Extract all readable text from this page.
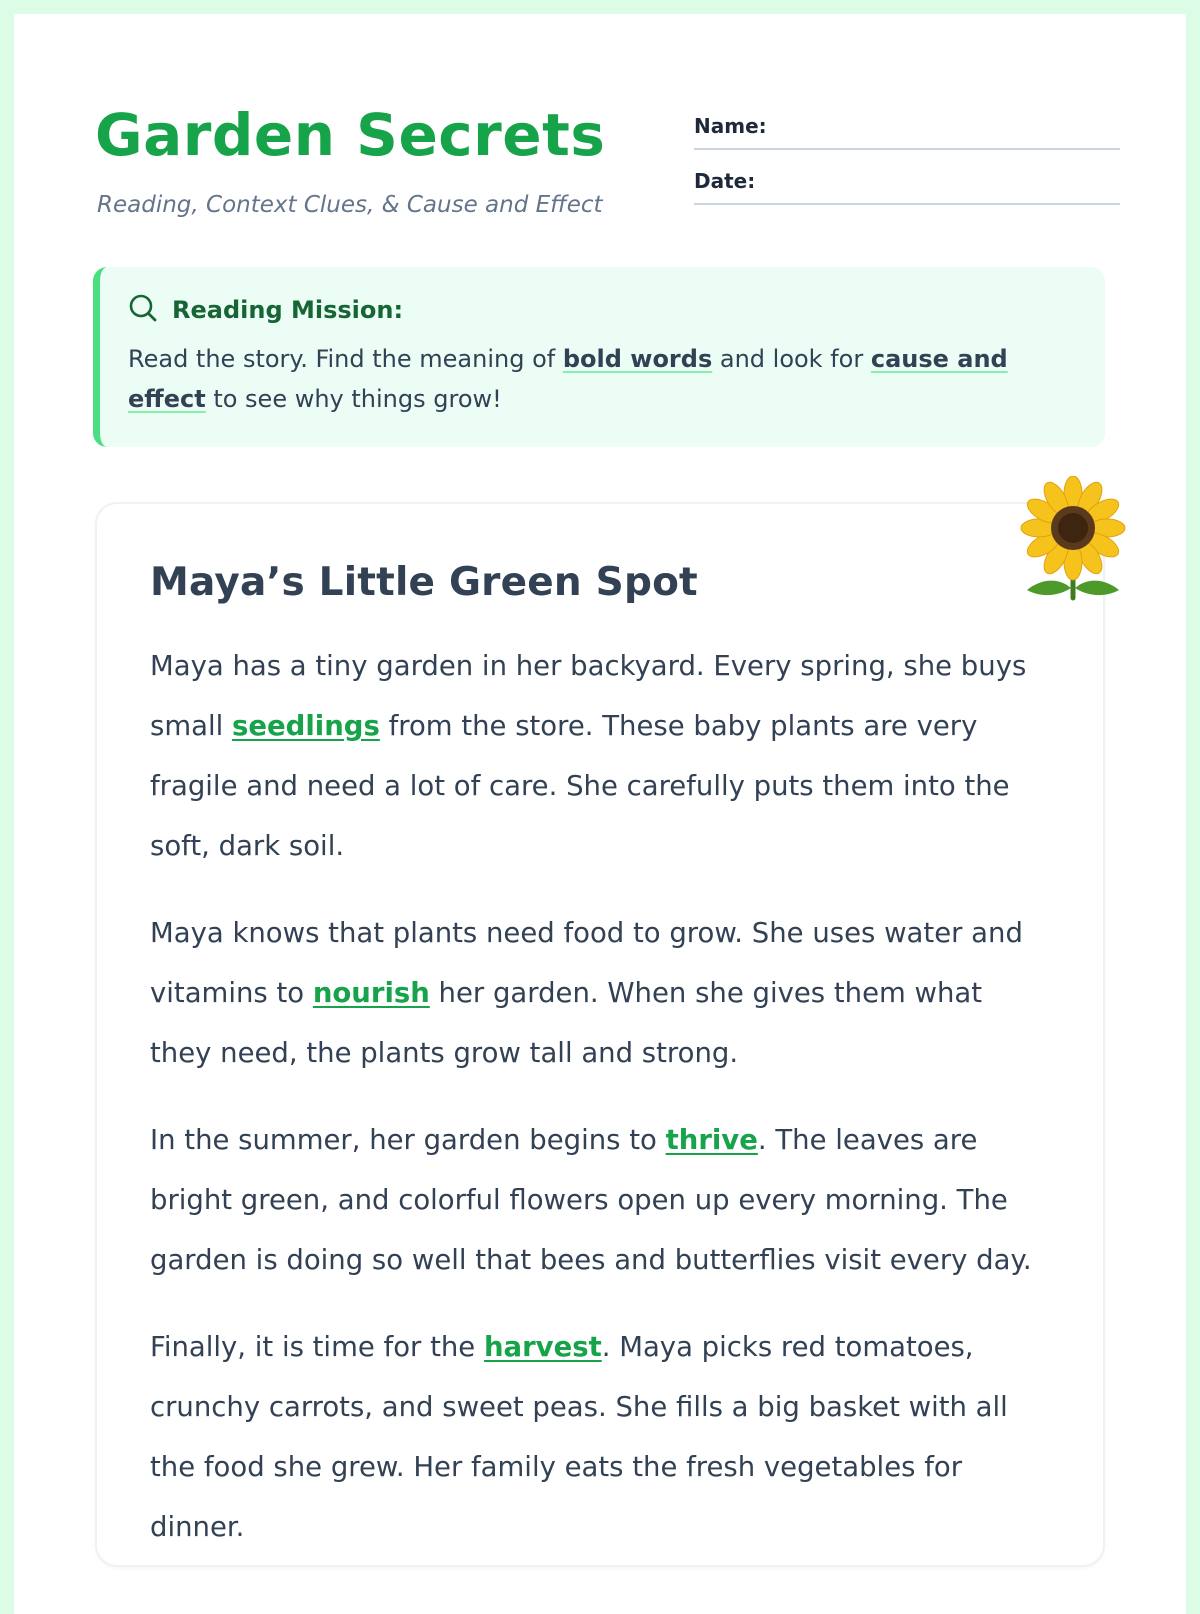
Garden Secrets
Reading, Context Clues, & Cause and Effect
Name:
Date:
Reading Mission:
Read the story. Find the meaning of bold words and look for cause and effect to see why things grow!
Maya’s Little Green Spot

Maya has a tiny garden in her backyard. Every spring, she buys small seedlings from the store. These baby plants are very fragile and need a lot of care. She carefully puts them into the soft, dark soil.

Maya knows that plants need food to grow. She uses water and vitamins to nourish her garden. When she gives them what they need, the plants grow tall and strong.

In the summer, her garden begins to thrive. The leaves are bright green, and colorful flowers open up every morning. The garden is doing so well that bees and butterflies visit every day.

Finally, it is time for the harvest. Maya picks red tomatoes, crunchy carrots, and sweet peas. She fills a big basket with all the food she grew. Her family eats the fresh vegetables for dinner.
